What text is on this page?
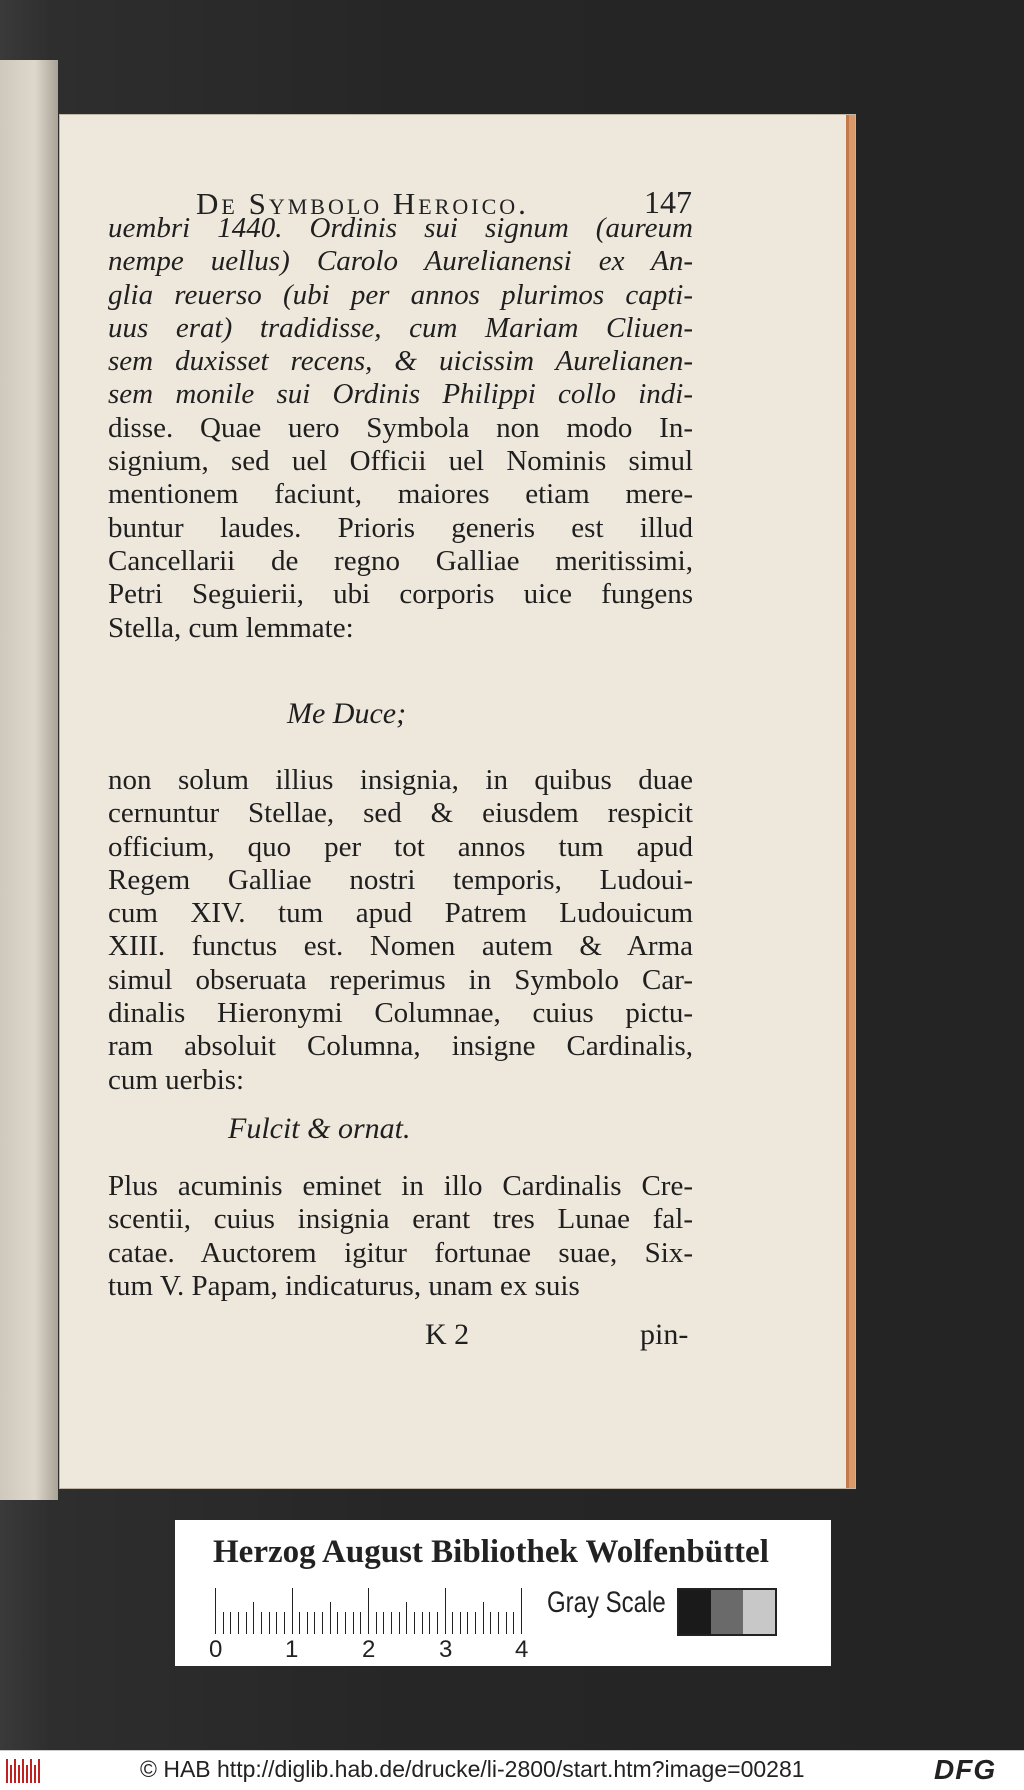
De Symbolo Heroico.	147
uembri 1440. Ordinis sui signum (aureum
nempe uellus) Carolo Aurelianensi ex An-
glia reuerso (ubi per annos plurimos capti-
uus erat) tradidisse, cum Mariam Cliuen-
sem duxisset recens, & uicissim Aurelianen-
sem monile sui Ordinis Philippi collo indi-
disse. Quae uero Symbola non modo In-
signium, sed uel Officii uel Nominis simul
mentionem faciunt, maiores etiam mere-
buntur laudes. Prioris generis est illud
Cancellarii de regno Galliae meritissimi,
Petri Seguierii, ubi corporis uice fungens
Stella, cum lemmate:
Me Duce;
non solum illius insignia, in quibus duae
cernuntur Stellae, sed & eiusdem respicit
officium, quo per tot annos tum apud
Regem Galliae nostri temporis, Ludoui-
cum XIV. tum apud Patrem Ludouicum
XIII. functus est. Nomen autem & Arma
simul obseruata reperimus in Symbolo Car-
dinalis Hieronymi Columnae, cuius pictu-
ram absoluit Columna, insigne Cardinalis,
cum uerbis:
Fulcit & ornat.
Plus acuminis eminet in illo Cardinalis Cre-
scentii, cuius insignia erant tres Lunae fal-
catae. Auctorem igitur fortunae suae, Six-
tum V. Papam, indicaturus, unam ex suis
K 2	pin-
Herzog August Bibliothek Wolfenbüttel
0	1	2	3	4
Gray Scale
© HAB http://diglib.hab.de/drucke/li-2800/start.htm?image=00281	DFG
